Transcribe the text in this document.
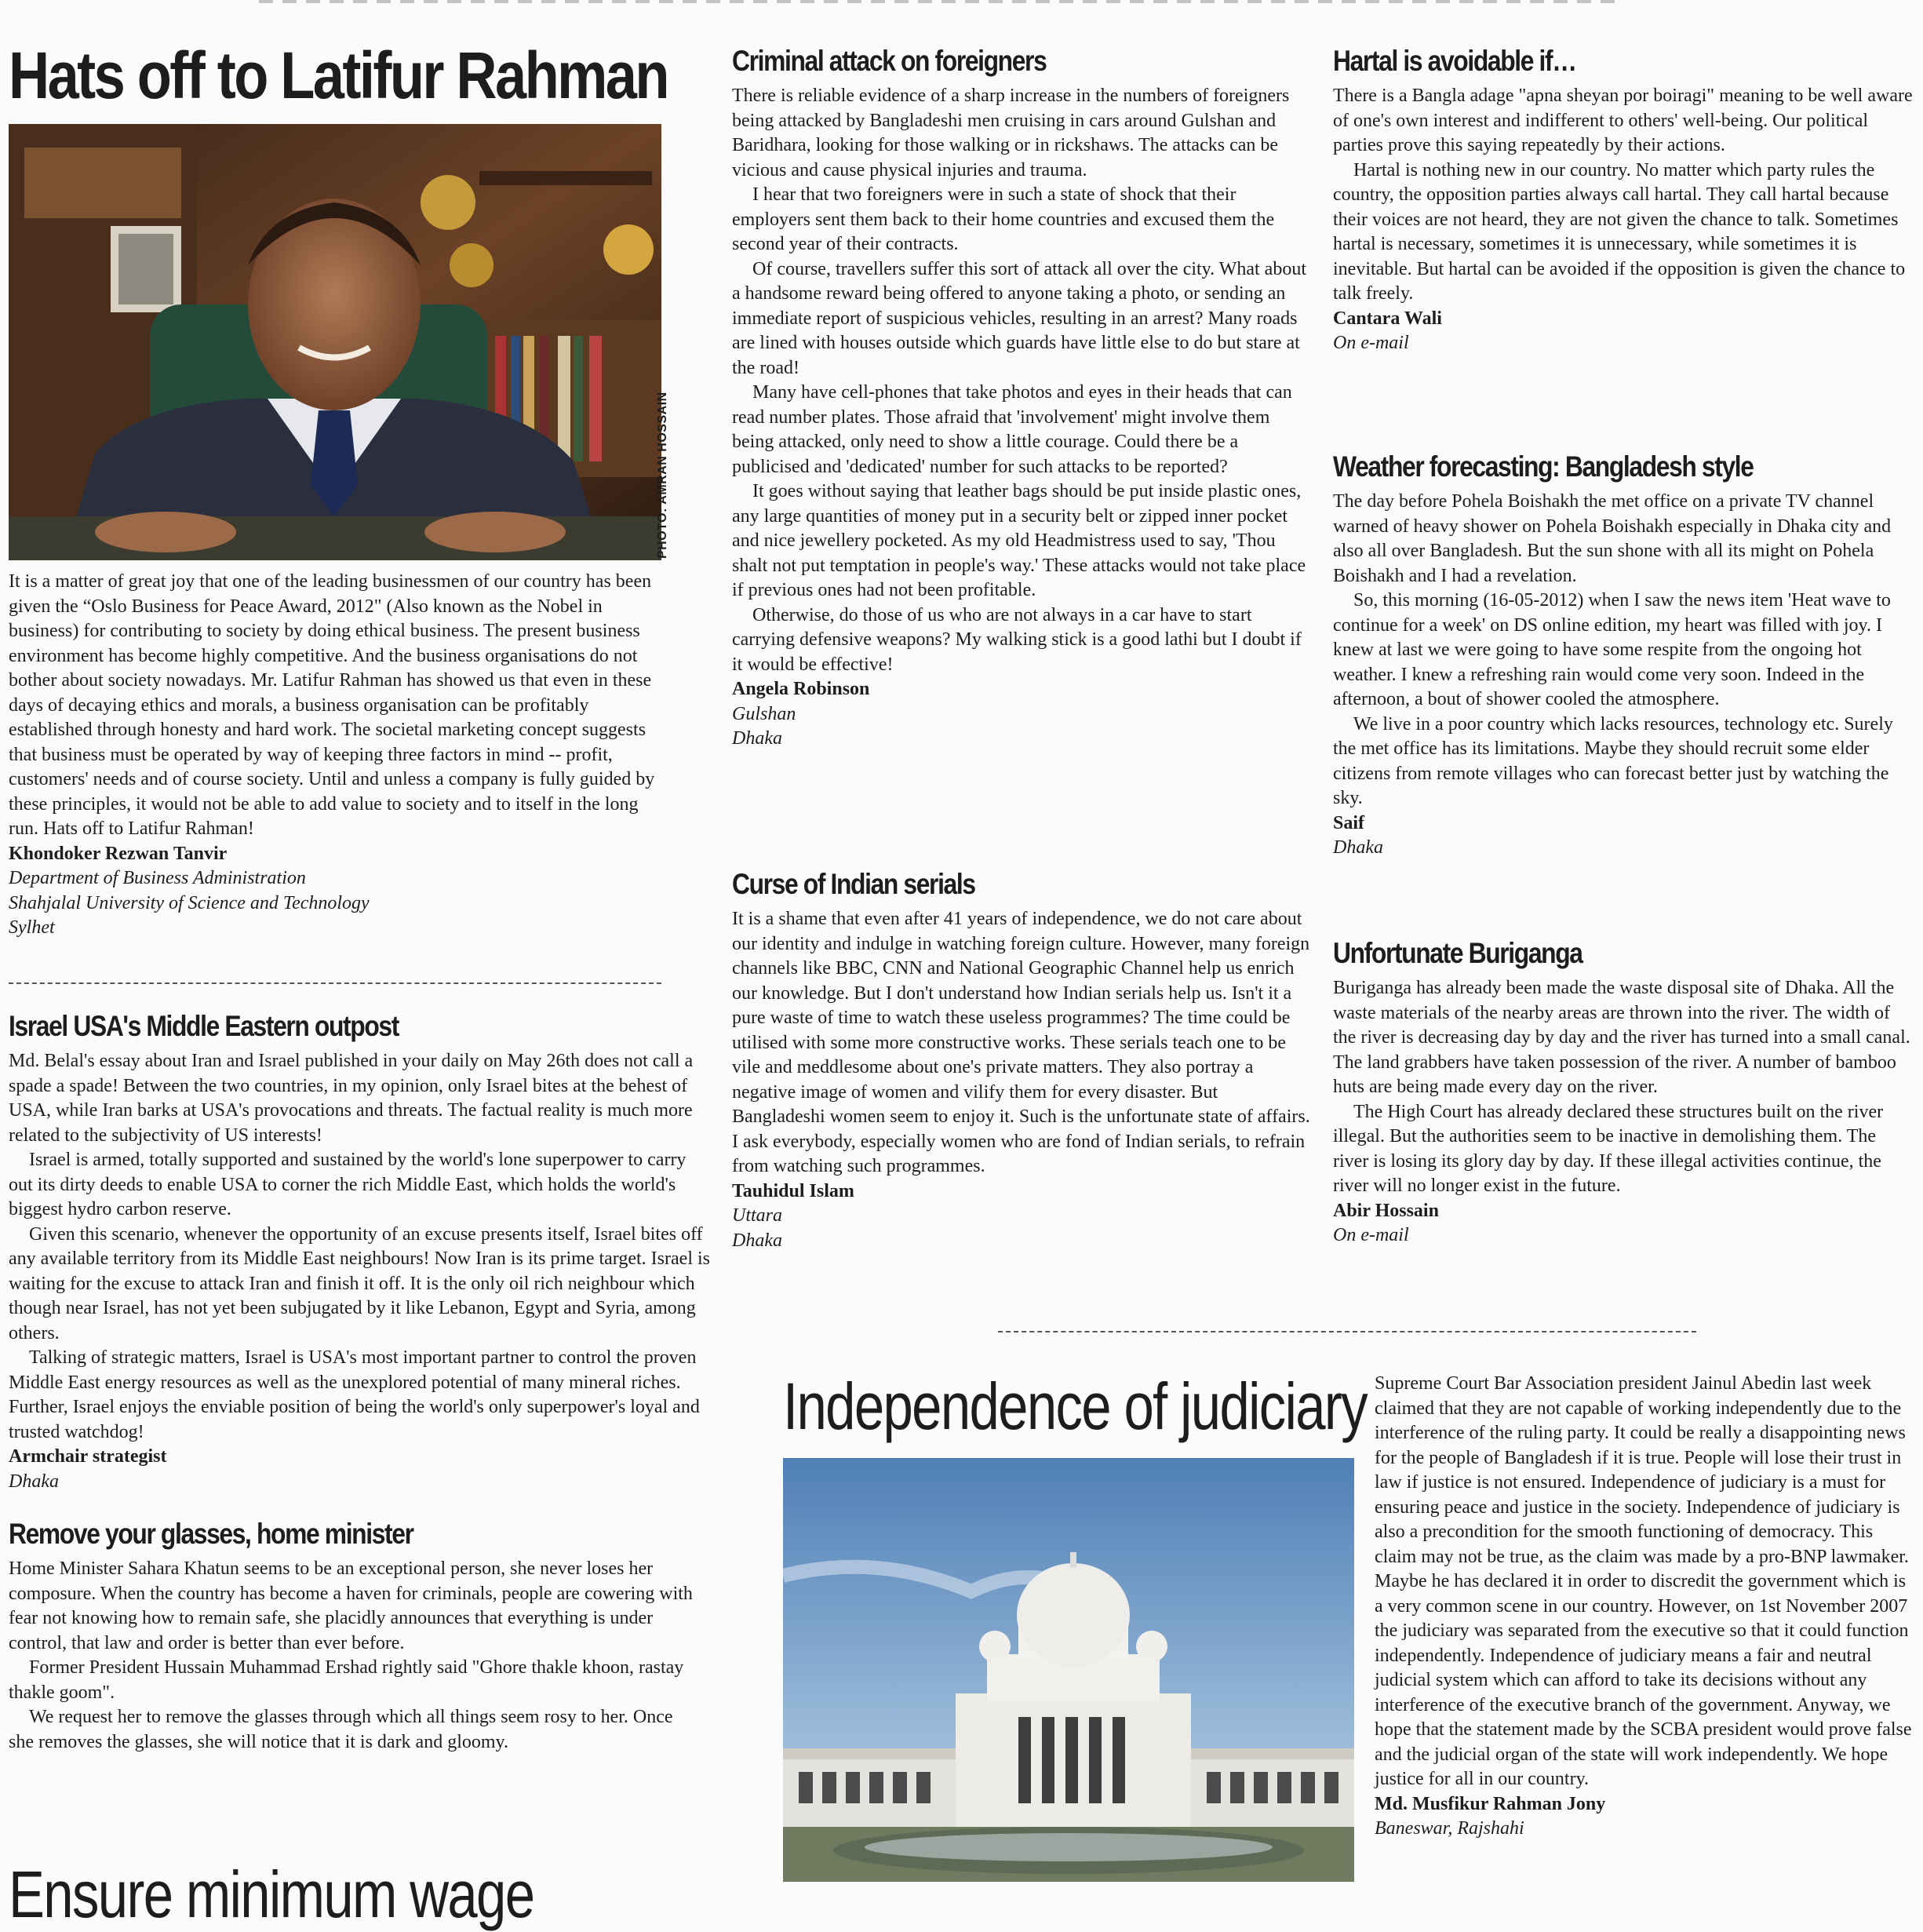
Hats off to Latifur Rahman
PHOTO: AMRAN HOSSAIN

It is a matter of great joy that one of the leading businessmen of our country has been given the “Oslo Business for Peace Award, 2012" (Also known as the Nobel in business) for contributing to society by doing ethical business. The present business environment has become highly competitive. And the business organisations do not bother about society nowadays. Mr. Latifur Rahman has showed us that even in these days of decaying ethics and morals, a business organisation can be profitably established through honesty and hard work. The societal marketing concept suggests that business must be operated by way of keeping three factors in mind -- profit, customers' needs and of course society. Until and unless a company is fully guided by these principles, it would not be able to add value to society and to itself in the long run. Hats off to Latifur Rahman!

Khondoker Rezwan Tanvir

Department of Business Administration

Shahjalal University of Science and Technology

Sylhet

Israel USA's Middle Eastern outpost

Md. Belal's essay about Iran and Israel published in your daily on May 26th does not call a spade a spade! Between the two countries, in my opinion, only Israel bites at the behest of USA, while Iran barks at USA's provocations and threats. The factual reality is much more related to the subjectivity of US interests!

Israel is armed, totally supported and sustained by the world's lone superpower to carry out its dirty deeds to enable USA to corner the rich Middle East, which holds the world's biggest hydro carbon reserve.

Given this scenario, whenever the opportunity of an excuse presents itself, Israel bites off any available territory from its Middle East neighbours! Now Iran is its prime target. Israel is waiting for the excuse to attack Iran and finish it off. It is the only oil rich neighbour which though near Israel, has not yet been subjugated by it like Lebanon, Egypt and Syria, among others.

Talking of strategic matters, Israel is USA's most important partner to control the proven Middle East energy resources as well as the unexplored potential of many mineral riches. Further, Israel enjoys the enviable position of being the world's only superpower's loyal and trusted watchdog!

Armchair strategist

Dhaka

Remove your glasses, home minister

Home Minister Sahara Khatun seems to be an exceptional person, she never loses her composure. When the country has become a haven for criminals, people are cowering with fear not knowing how to remain safe, she placidly announces that everything is under control, that law and order is better than ever before.

Former President Hussain Muhammad Ershad rightly said "Ghore thakle khoon, rastay thakle goom".

We request her to remove the glasses through which all things seem rosy to her. Once she removes the glasses, she will notice that it is dark and gloomy.

Ensure minimum wage
Criminal attack on foreigners

There is reliable evidence of a sharp increase in the numbers of foreigners being attacked by Bangladeshi men cruising in cars around Gulshan and Baridhara, looking for those walking or in rickshaws. The attacks can be vicious and cause physical injuries and trauma.

I hear that two foreigners were in such a state of shock that their employers sent them back to their home countries and excused them the second year of their contracts.

Of course, travellers suffer this sort of attack all over the city. What about a handsome reward being offered to anyone taking a photo, or sending an immediate report of suspicious vehicles, resulting in an arrest? Many roads are lined with houses outside which guards have little else to do but stare at the road!

Many have cell-phones that take photos and eyes in their heads that can read number plates. Those afraid that 'involvement' might involve them being attacked, only need to show a little courage. Could there be a publicised and 'dedicated' number for such attacks to be reported?

It goes without saying that leather bags should be put inside plastic ones, any large quantities of money put in a security belt or zipped inner pocket and nice jewellery pocketed. As my old Headmistress used to say, 'Thou shalt not put temptation in people's way.' These attacks would not take place if previous ones had not been profitable.

Otherwise, do those of us who are not always in a car have to start carrying defensive weapons? My walking stick is a good lathi but I doubt if it would be effective!

Angela Robinson

Gulshan

Dhaka

Curse of Indian serials

It is a shame that even after 41 years of independence, we do not care about our identity and indulge in watching foreign culture. However, many foreign channels like BBC, CNN and National Geographic Channel help us enrich our knowledge. But I don't understand how Indian serials help us. Isn't it a pure waste of time to watch these useless programmes? The time could be utilised with some more constructive works. These serials teach one to be vile and meddlesome about one's private matters. They also portray a negative image of women and vilify them for every disaster. But Bangladeshi women seem to enjoy it. Such is the unfortunate state of affairs. I ask everybody, especially women who are fond of Indian serials, to refrain from watching such programmes.

Tauhidul Islam

Uttara

Dhaka

Hartal is avoidable if…

There is a Bangla adage "apna sheyan por boiragi" meaning to be well aware of one's own interest and indifferent to others' well-being. Our political parties prove this saying repeatedly by their actions.

Hartal is nothing new in our country. No matter which party rules the country, the opposition parties always call hartal. They call hartal because their voices are not heard, they are not given the chance to talk. Sometimes hartal is necessary, sometimes it is unnecessary, while sometimes it is inevitable. But hartal can be avoided if the opposition is given the chance to talk freely.

Cantara Wali

On e-mail

Weather forecasting: Bangladesh style

The day before Pohela Boishakh the met office on a private TV channel warned of heavy shower on Pohela Boishakh especially in Dhaka city and also all over Bangladesh. But the sun shone with all its might on Pohela Boishakh and I had a revelation.

So, this morning (16-05-2012) when I saw the news item 'Heat wave to continue for a week' on DS online edition, my heart was filled with joy. I knew at last we were going to have some respite from the ongoing hot weather. I knew a refreshing rain would come very soon. Indeed in the afternoon, a bout of shower cooled the atmosphere.

We live in a poor country which lacks resources, technology etc. Surely the met office has its limitations. Maybe they should recruit some elder citizens from remote villages who can forecast better just by watching the sky.

Saif

Dhaka

Unfortunate Buriganga

Buriganga has already been made the waste disposal site of Dhaka. All the waste materials of the nearby areas are thrown into the river. The width of the river is decreasing day by day and the river has turned into a small canal. The land grabbers have taken possession of the river. A number of bamboo huts are being made every day on the river.

The High Court has already declared these structures built on the river illegal. But the authorities seem to be inactive in demolishing them. The river is losing its glory day by day. If these illegal activities continue, the river will no longer exist in the future.

Abir Hossain

On e-mail

Independence of judiciary Supreme Court Bar Association president Jainul Abedin last week claimed that they are not capable of working independently due to the interference of the ruling party. It could be really a disappointing news for the people of Bangladesh if it is true. People will lose their trust in law if justice is not ensured. Independence of judiciary is a must for ensuring peace and justice in the society. Independence of judiciary is also a precondition for the smooth functioning of democracy. This claim may not be true, as the claim was made by a pro-BNP lawmaker. Maybe he has declared it in order to discredit the government which is a very common scene in our country. However, on 1st November 2007 the judiciary was separated from the executive so that it could function independently. Independence of judiciary means a fair and neutral judicial system which can afford to take its decisions without any interference of the executive branch of the government. Anyway, we hope that the statement made by the SCBA president would prove false and the judicial organ of the state will work independently. We hope justice for all in our country.

Md. Musfikur Rahman Jony

Baneswar, Rajshahi
